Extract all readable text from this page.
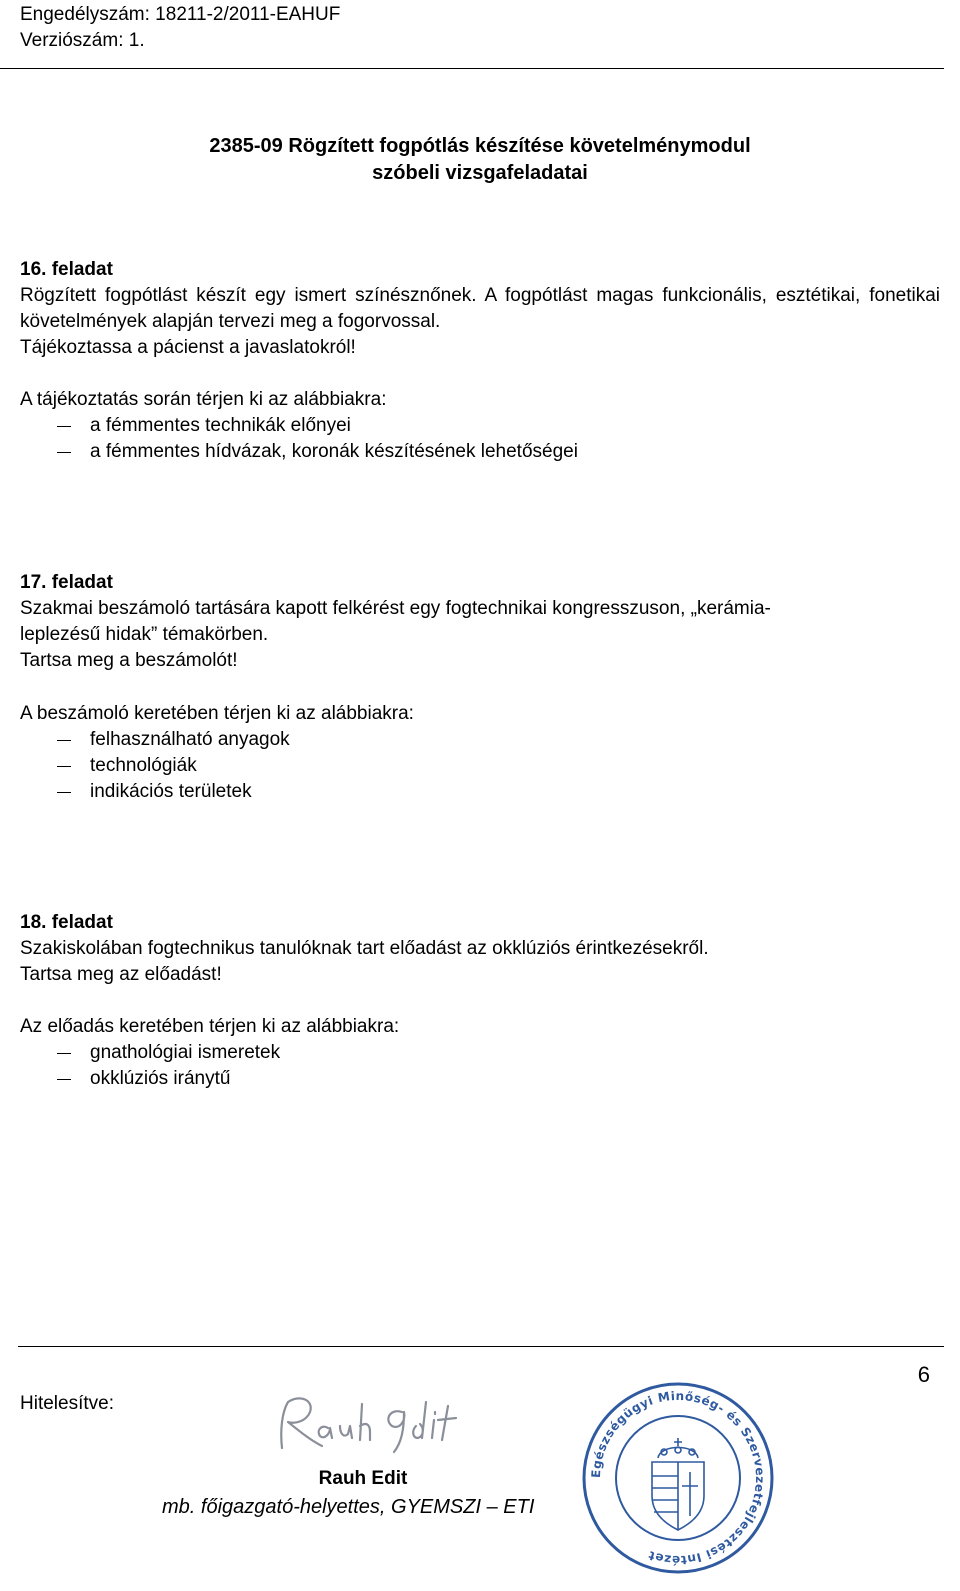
Engedélyszám: 18211-2/2011-EAHUF
Verziószám: 1.
2385-09 Rögzített fogpótlás készítése követelménymodul
szóbeli vizsgafeladatai
16. feladat
Rögzített fogpótlást készít egy ismert színésznőnek. A fogpótlást magas funkcionális, esztétikai, fonetikai követelmények alapján tervezi meg a fogorvossal.
Tájékoztassa a pácienst a javaslatokról!
A tájékoztatás során térjen ki az alábbiakra:
a fémmentes technikák előnyei
a fémmentes hídvázak, koronák készítésének lehetőségei
17. feladat
Szakmai beszámoló tartására kapott felkérést egy fogtechnikai kongresszuson, „kerámia-
leplezésű hidak” témakörben.
Tartsa meg a beszámolót!
A beszámoló keretében térjen ki az alábbiakra:
felhasználható anyagok
technológiák
indikációs területek
18. feladat
Szakiskolában fogtechnikus tanulóknak tart előadást az okklúziós érintkezésekről.
Tartsa meg az előadást!
Az előadás keretében térjen ki az alábbiakra:
gnathológiai ismeretek
okklúziós iránytű
6
Hitelesítve:
Rauh Edit
mb. főigazgató-helyettes, GYEMSZI – ETI
Egészségügyi Minőség- és Szervezetfejlesztési Intézet
